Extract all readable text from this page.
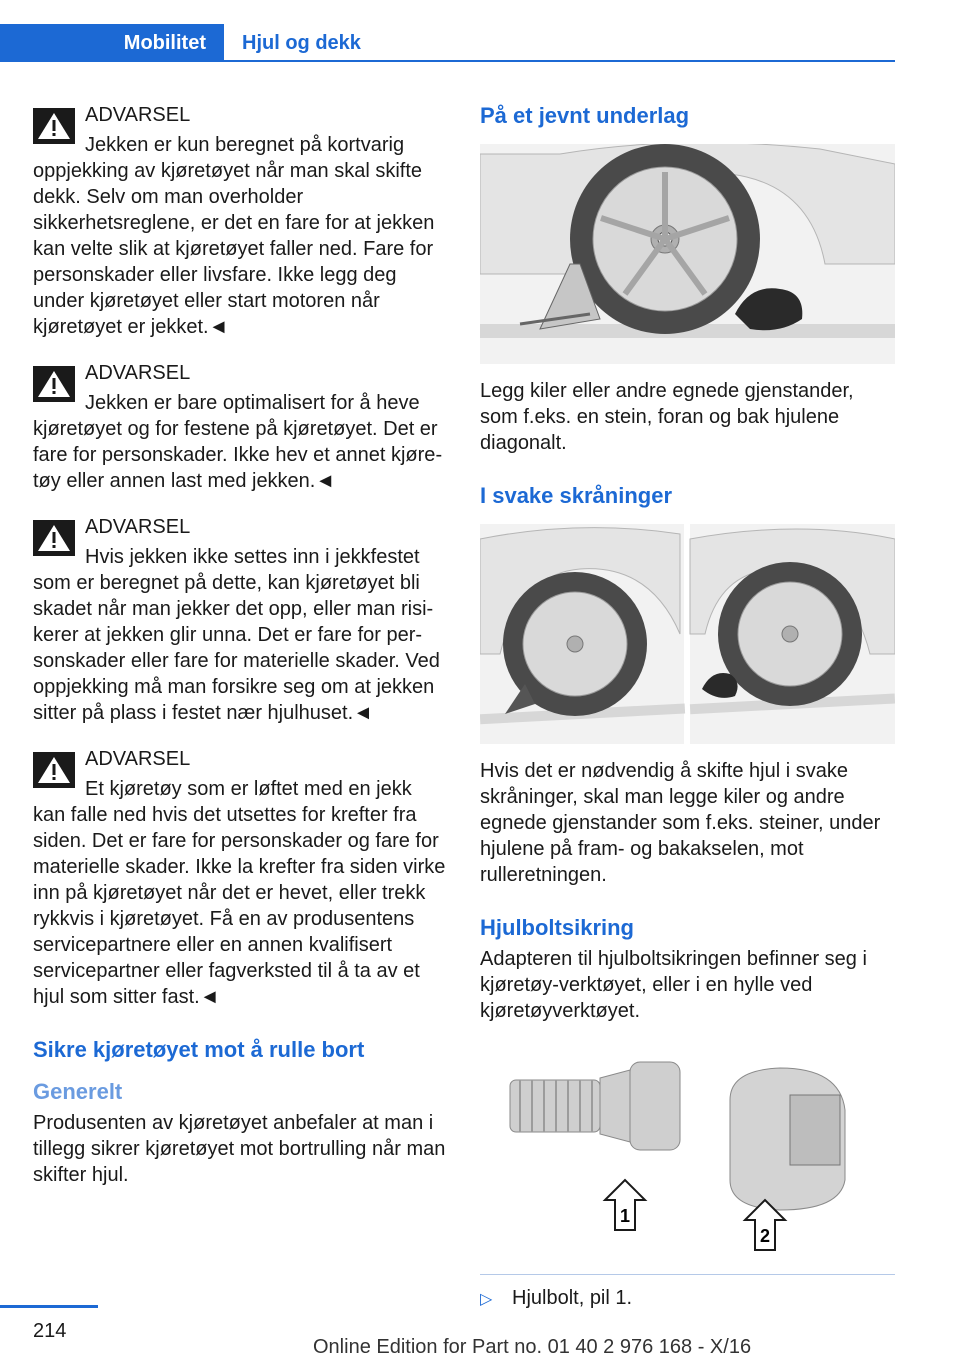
Mobilitet	Hjul og dekk
ADVARSEL

Jekken er kun beregnet på kortvarig oppjekking av kjøretøyet når man skal skifte dekk. Selv om man overholder sikkerhetsreglene, er det en fare for at jekken kan velte slik at kjøretøyet faller ned. Fare for personskader eller livsfare. Ikke legg deg under kjøretøyet eller start motoren når kjøretøyet er jekket.◄

ADVARSEL

Jekken er bare optimalisert for å heve kjøretøyet og for festene på kjøretøyet. Det er fare for personskader. Ikke hev et annet kjøretøy eller annen last med jekken.◄

ADVARSEL

Hvis jekken ikke settes inn i jekkfestet som er beregnet på dette, kan kjøretøyet bli skadet når man jekker det opp, eller man risikerer at jekken glir unna. Det er fare for personskader eller fare for materielle skader. Ved oppjekking må man forsikre seg om at jekken sitter på plass i festet nær hjulhuset.◄

ADVARSEL

Et kjøretøy som er løftet med en jekk kan falle ned hvis det utsettes for krefter fra siden. Det er fare for personskader og fare for materielle skader. Ikke la krefter fra siden virke inn på kjøretøyet når det er hevet, eller trekk rykkvis i kjøretøyet. Få en av produsentens servicepartnere eller en annen kvalifisert servicepartner eller fagverksted til å ta av et hjul som sitter fast.◄

Sikre kjøretøyet mot å rulle bort
Generelt

Produsenten av kjøretøyet anbefaler at man i tillegg sikrer kjøretøyet mot bortrulling når man skifter hjul.

På et jevnt underlag

Legg kiler eller andre egnede gjenstander, som f.eks. en stein, foran og bak hjulene diagonalt.

I svake skråninger

Hvis det er nødvendig å skifte hjul i svake skråninger, skal man legge kiler og andre egnede gjenstander som f.eks. steiner, under hjulene på fram- og bakakselen, mot rulleretningen.

Hjulboltsikring

Adapteren til hjulboltsikringen befinner seg i kjøretøy-verktøyet, eller i en hylle ved kjøretøyverktøyet.

1
2
▷ Hjulbolt, pil 1.
214
Online Edition for Part no. 01 40 2 976 168 - X/16
